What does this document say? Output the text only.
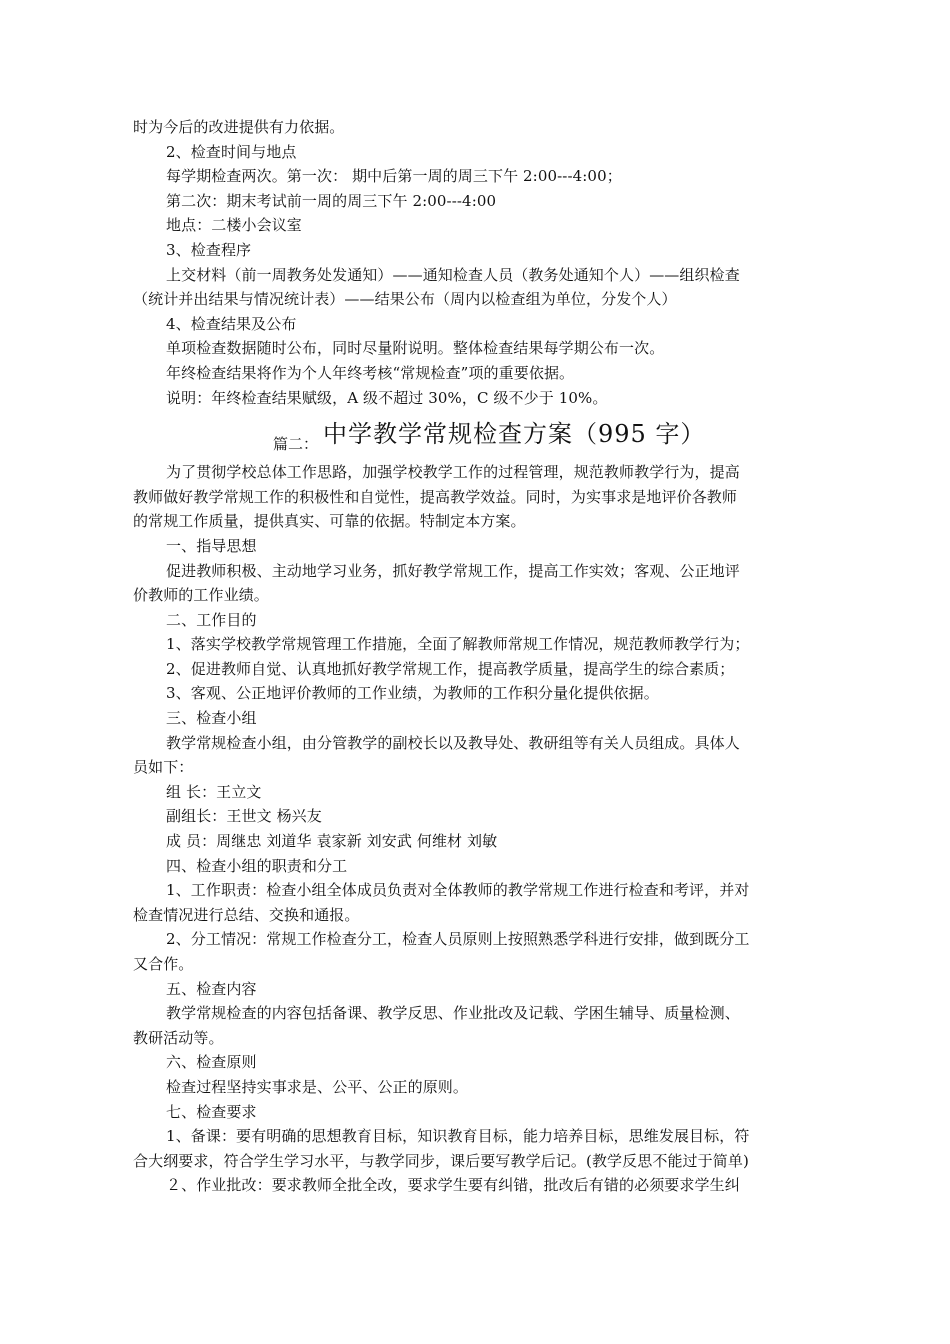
时为今后的改进提供有力依据。
2、检查时间与地点
每学期检查两次。第一次： 期中后第一周的周三下午 2:00---4:00；
第二次：期末考试前一周的周三下午 2:00---4:00
地点：二楼小会议室
3、检查程序
上交材料（前一周教务处发通知）——通知检查人员（教务处通知个人）——组织检查
（统计并出结果与情况统计表）——结果公布（周内以检查组为单位，分发个人）
4、检查结果及公布
单项检查数据随时公布，同时尽量附说明。整体检查结果每学期公布一次。
年终检查结果将作为个人年终考核“常规检查”项的重要依据。
说明：年终检查结果赋级，A 级不超过 30%，C 级不少于 10%。
篇二： 中学教学常规检查方案（995 字）
为了贯彻学校总体工作思路，加强学校教学工作的过程管理，规范教师教学行为，提高
教师做好教学常规工作的积极性和自觉性，提高教学效益。同时，为实事求是地评价各教师
的常规工作质量，提供真实、可靠的依据。特制定本方案。
一、指导思想
促进教师积极、主动地学习业务，抓好教学常规工作，提高工作实效；客观、公正地评
价教师的工作业绩。
二、工作目的
1、落实学校教学常规管理工作措施，全面了解教师常规工作情况，规范教师教学行为；
2、促进教师自觉、认真地抓好教学常规工作，提高教学质量，提高学生的综合素质；
3、客观、公正地评价教师的工作业绩，为教师的工作积分量化提供依据。
三、检查小组
教学常规检查小组，由分管教学的副校长以及教导处、教研组等有关人员组成。具体人
员如下：
组 长：王立文
副组长：王世文 杨兴友
成 员：周继忠 刘道华 袁家新 刘安武 何维材 刘敏
四、检查小组的职责和分工
1、工作职责：检查小组全体成员负责对全体教师的教学常规工作进行检查和考评，并对
检查情况进行总结、交换和通报。
2、分工情况：常规工作检查分工，检查人员原则上按照熟悉学科进行安排，做到既分工
又合作。
五、检查内容
教学常规检查的内容包括备课、教学反思、作业批改及记载、学困生辅导、质量检测、
教研活动等。
六、检查原则
检查过程坚持实事求是、公平、公正的原则。
七、检查要求
1、备课：要有明确的思想教育目标，知识教育目标，能力培养目标，思维发展目标，符
合大纲要求，符合学生学习水平，与教学同步，课后要写教学后记。(教学反思不能过于简单)
２、作业批改：要求教师全批全改，要求学生要有纠错，批改后有错的必须要求学生纠
